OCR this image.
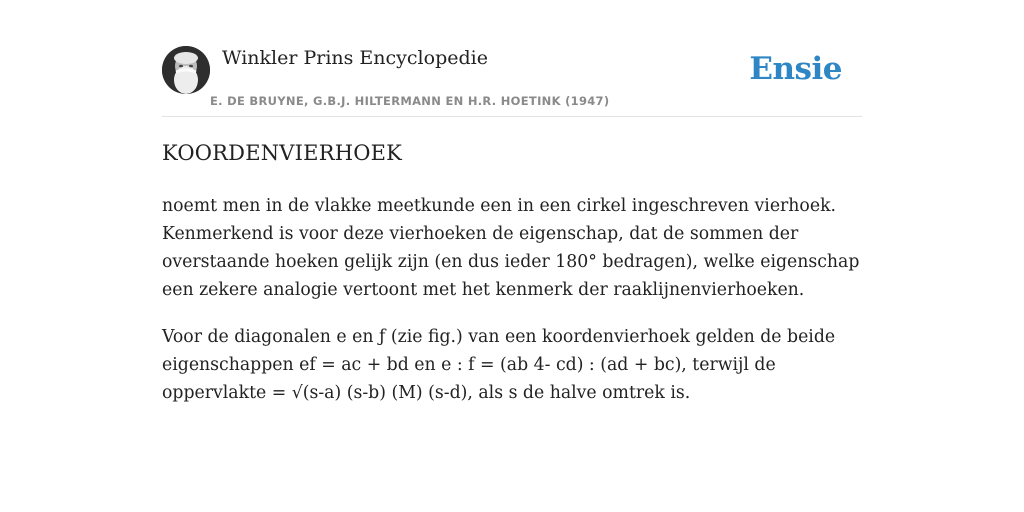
Winkler Prins Encyclopedie
E. DE BRUYNE, G.B.J. HILTERMANN EN H.R. HOETINK (1947)
Ensie
KOORDENVIERHOEK

noemt men in de vlakke meetkunde een in een cirkel ingeschreven vierhoek. Kenmerkend is voor deze vierhoeken de eigenschap, dat de sommen der overstaande hoeken gelijk zijn (en dus ieder 180° bedragen), welke eigenschap een zekere analogie vertoont met het kenmerk der raaklijnenvierhoeken.

Voor de diagonalen e en ƒ (zie fig.) van een koordenvierhoek gelden de beide eigenschappen ef = ac + bd en e : f = (ab 4- cd) : (ad + bc), terwijl de oppervlakte = √(s-a) (s-b) (M) (s-d), als s de halve omtrek is.
